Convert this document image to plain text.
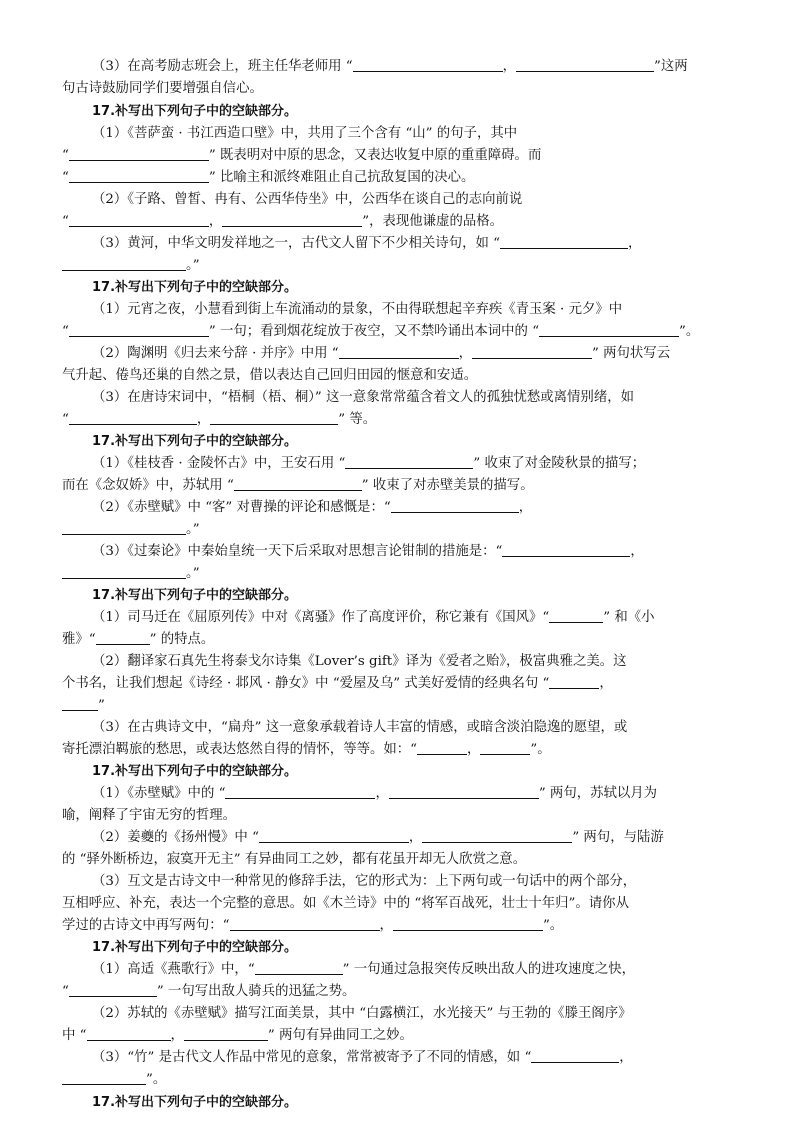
（3）在高考励志班会上，班主任华老师用 “	，	”这两
句古诗鼓励同学们要增强自信心。
17.补写出下列句子中的空缺部分。
（1）《菩萨蛮 · 书江西造口壁》中，共用了三个含有 “山” 的句子，其中
“	” 既表明对中原的思念，又表达收复中原的重重障碍。而
“	” 比喻主和派终难阻止自己抗敌复国的决心。
（2）《子路、曾皙、冉有、公西华侍坐》中，公西华在谈自己的志向前说
“	，	”，表现他谦虚的品格。
（3）黄河，中华文明发祥地之一，古代文人留下不少相关诗句，如 “	，
。”
17.补写出下列句子中的空缺部分。
（1）元宵之夜，小慧看到街上车流涌动的景象，不由得联想起辛弃疾《青玉案 · 元夕》中
“	” 一句；看到烟花绽放于夜空，又不禁吟诵出本词中的 “	”。
（2）陶渊明《归去来兮辞 · 并序》中用 “	，	” 两句状写云
气升起、倦鸟还巢的自然之景，借以表达自己回归田园的惬意和安适。
（3）在唐诗宋词中，“梧桐（梧、桐）” 这一意象常常蕴含着文人的孤独忧愁或离情别绪，如
“	，	” 等。
17.补写出下列句子中的空缺部分。
（1）《桂枝香 · 金陵怀古》中，王安石用 “	” 收束了对金陵秋景的描写；
而在《念奴娇》中，苏轼用 “	” 收束了对赤壁美景的描写。
（2）《赤壁赋》中 “客” 对曹操的评论和感慨是：“	，
。”
（3）《过秦论》中秦始皇统一天下后采取对思想言论钳制的措施是：“	，
。”
17.补写出下列句子中的空缺部分。
（1）司马迁在《屈原列传》中对《离骚》作了高度评价，称它兼有《国风》“	” 和《小
雅》“	” 的特点。
（2）翻译家石真先生将泰戈尔诗集《Lover’s gift》译为《爱者之贻》，极富典雅之美。这
个书名，让我们想起《诗经 · 邶风 · 静女》中 “爱屋及乌” 式美好爱情的经典名句 “	，
”
（3）在古典诗文中，“扁舟” 这一意象承载着诗人丰富的情感，或暗含淡泊隐逸的愿望，或
寄托漂泊羁旅的愁思，或表达悠然自得的情怀，等等。如：“	，	”。
17.补写出下列句子中的空缺部分。
（1）《赤壁赋》中的 “	，	” 两句，苏轼以月为
喻，阐释了宇宙无穷的哲理。
（2）姜夔的《扬州慢》中 “	，	” 两句，与陆游
的 “驿外断桥边，寂寞开无主” 有异曲同工之妙，都有花虽开却无人欣赏之意。
（3）互文是古诗文中一种常见的修辞手法，它的形式为：上下两句或一句话中的两个部分，
互相呼应、补充，表达一个完整的意思。如《木兰诗》中的 “将军百战死，壮士十年归”。请你从
学过的古诗文中再写两句：“	，	”。
17.补写出下列句子中的空缺部分。
（1）高适《燕歌行》中，“	” 一句通过急报突传反映出敌人的进攻速度之快，
“	” 一句写出敌人骑兵的迅猛之势。
（2）苏轼的《赤壁赋》描写江面美景，其中 “白露横江，水光接天” 与王勃的《滕王阁序》
中 “	，	” 两句有异曲同工之妙。
（3）“竹” 是古代文人作品中常见的意象，常常被寄予了不同的情感，如 “	，
”。
17.补写出下列句子中的空缺部分。
